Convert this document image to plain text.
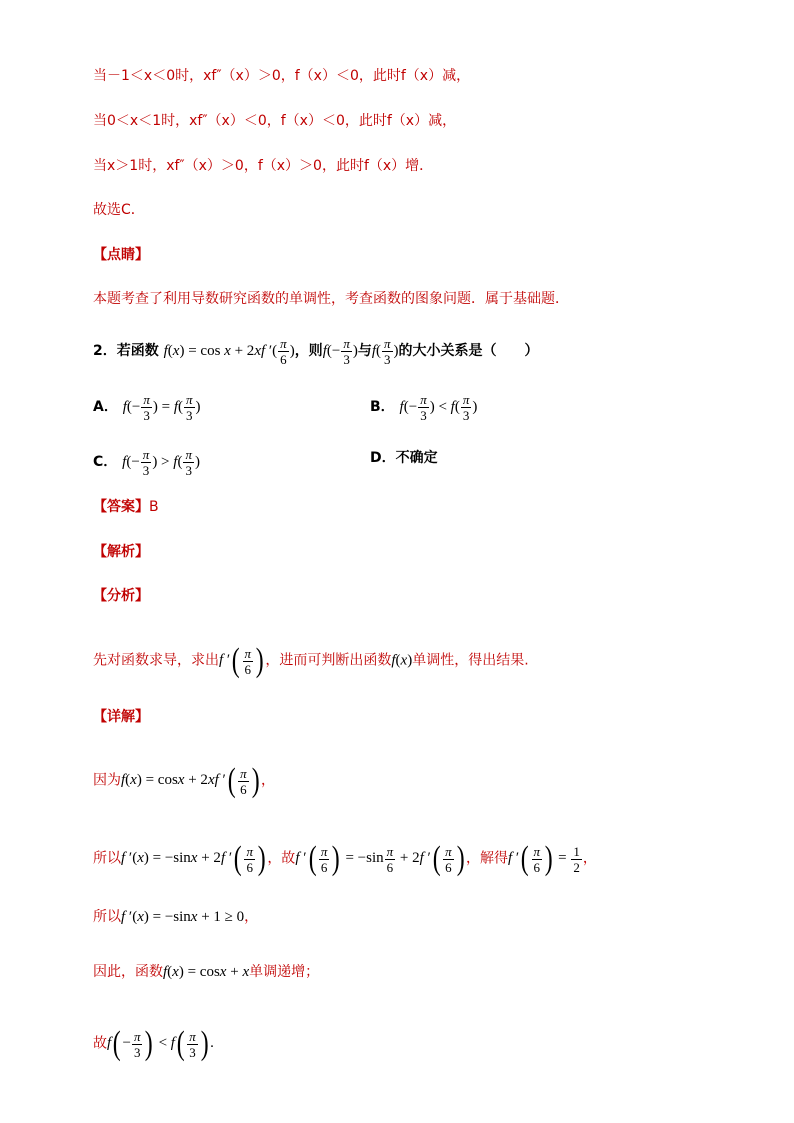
当－1＜x＜0时，xf″（x）＞0，f（x）＜0，此时f（x）减，
当0＜x＜1时，xf″（x）＜0，f（x）＜0，此时f（x）减，
当x＞1时，xf″（x）＞0，f（x）＞0，此时f（x）增．
故选C．
【点睛】
本题考查了利用导数研究函数的单调性，考查函数的图象问题．属于基础题．
2．若函数 f(x) = cos x + 2xf ′( $\frac{\pi}{6}$ )，则$f(- \frac{\pi}{3}$ )与$f( \frac{\pi}{3}$ )的大小关系是（　　）
A． $f(- \frac{\pi}{3}$ ) = $f( \frac{\pi}{3}$ )	B． $f(- \frac{\pi}{3}$ ) < $f( \frac{\pi}{3}$ )
C． $f(- \frac{\pi}{3}$ ) > $f( \frac{\pi}{3}$ )	D．不确定
【答案】B
【解析】
【分析】
先对函数求导，求出f ′( $\frac{\pi}{6}$ ) ，进而可判断出函数f(x)单调性，得出结果.
【详解】
因为f(x) = cosx + 2xf ′( $\frac{\pi}{6}$ ) ，
所以f ′(x) = −sinx + 2f ′( $\frac{\pi}{6}$ ) ，故f ′( $\frac{\pi}{6}$ ) = $-\sin \frac{\pi}{6} + 2f$ ′( $\frac{\pi}{6}$ ) ，解得f ′( $\frac{\pi}{6}$ ) = $\frac{1}{2}$ ，
所以f ′(x) = −sinx + 1 ≥ 0，
因此，函数f(x) = cosx + x单调递增；
故$f( - \frac{\pi}{3}$ ) < $f( \frac{\pi}{3}$ ) .
